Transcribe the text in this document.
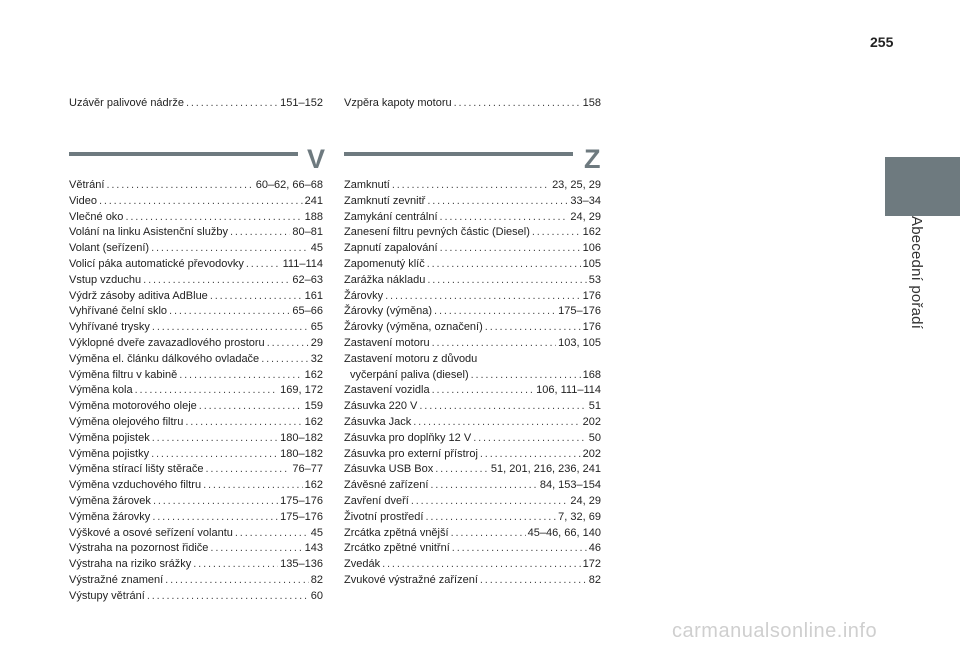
255
Abecední pořadí
Uzávěr palivové nádrže . . .	151–152 Vzpěra kapoty motoru . . .	158
V	Z
Větrání . . .	60–62, 66–68
Video . . .	241
Vlečné oko . . .	188
Volání na linku Asistenční služby . . .	80–81
Volant (seřízení) . . .	45
Volicí páka automatické převodovky . . .	111–114
Vstup vzduchu . . .	62–63
Výdrž zásoby aditiva AdBlue . . .	161
Vyhřívané čelní sklo . . .	65–66
Vyhřívané trysky . . .	65
Výklopné dveře zavazadlového prostoru . . .	29
Výměna el. článku dálkového ovladače . . .	32
Výměna filtru v kabině . . .	162
Výměna kola . . .	169, 172
Výměna motorového oleje . . .	159
Výměna olejového filtru . . .	162
Výměna pojistek . . .	180–182
Výměna pojistky . . .	180–182
Výměna stírací lišty stěrače . . .	76–77
Výměna vzduchového filtru . . .	162
Výměna žárovek . . .	175–176
Výměna žárovky . . .	175–176
Výškové a osové seřízení volantu . . .	45
Výstraha na pozornost řidiče . . .	143
Výstraha na riziko srážky . . .	135–136
Výstražné znamení . . .	82
Výstupy větrání . . .	60
Zamknutí . . .	23, 25, 29
Zamknutí zevnitř . . .	33–34
Zamykání centrální . . .	24, 29
Zanesení filtru pevných částic (Diesel) . . .	162
Zapnutí zapalování . . .	106
Zapomenutý klíč . . .	105
Zarážka nákladu . . .	53
Žárovky . . .	176
Žárovky (výměna) . . .	175–176
Žárovky (výměna, označení) . . .	176
Zastavení motoru . . .	103, 105
Zastavení motoru z důvodu
vyčerpání paliva (diesel) . . .	168
Zastavení vozidla . . .	106, 111–114
Zásuvka 220 V . . .	51
Zásuvka Jack . . .	202
Zásuvka pro doplňky 12 V . . .	50
Zásuvka pro externí přístroj . . .	202
Zásuvka USB Box . . .	51, 201, 216, 236, 241
Závěsné zařízení . . .	84, 153–154
Zavření dveří . . .	24, 29
Životní prostředí . . .	7, 32, 69
Zrcátka zpětná vnější . . .	45–46, 66, 140
Zrcátko zpětné vnitřní . . .	46
Zvedák . . .	172
Zvukové výstražné zařízení . . .	82
carmanualsonline.info
